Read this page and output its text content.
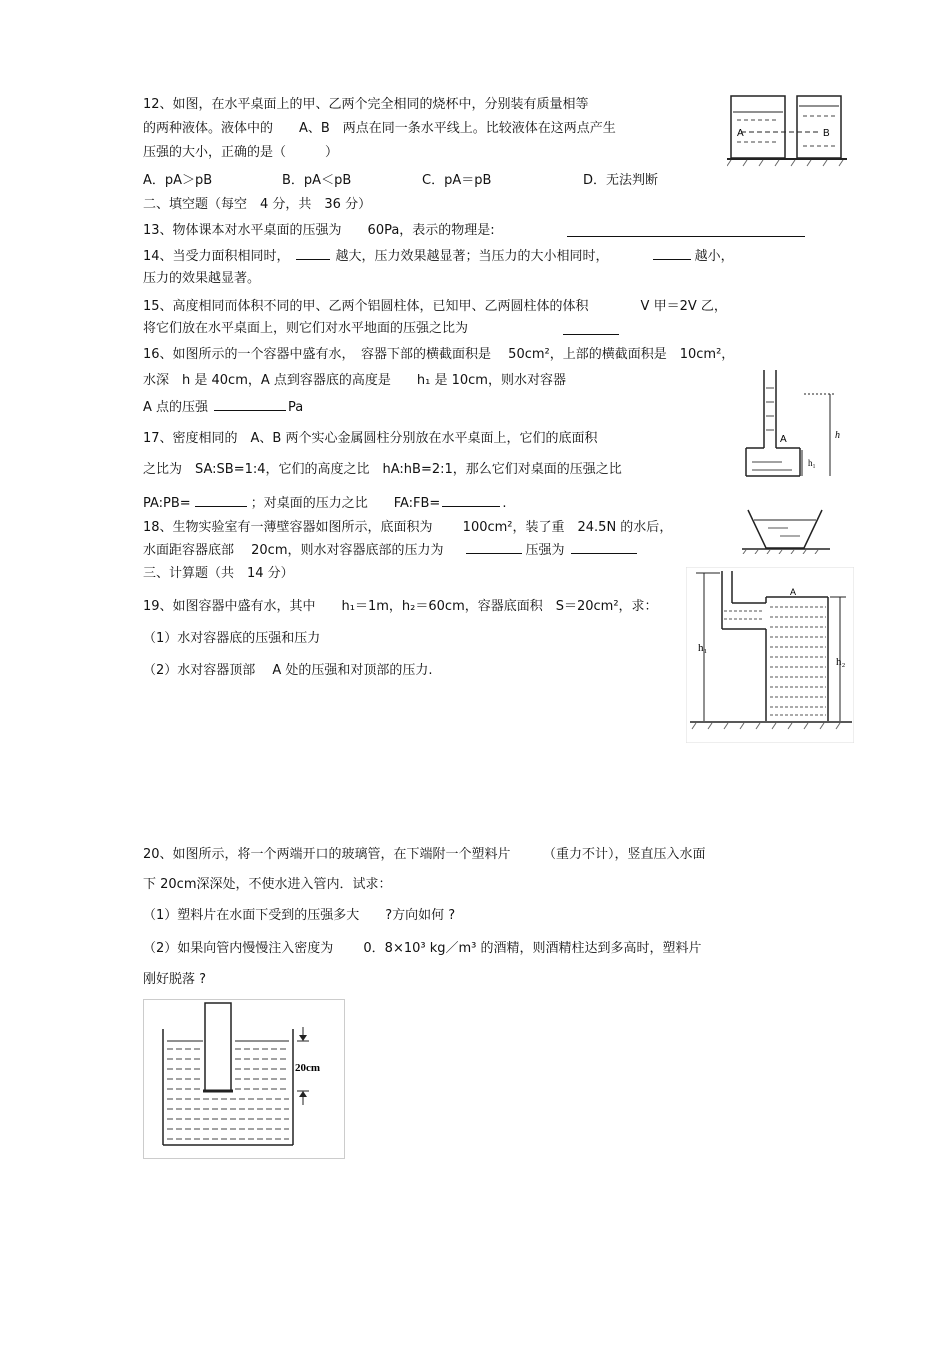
12、如图，在水平桌面上的甲、乙两个完全相同的烧杯中，分别装有质量相等
的两种液体。液体中的　　A、B　两点在同一条水平线上。比较液体在这两点产生
压强的大小，正确的是（　　　）
A．pA＞pB	B．pA＜pB	C．pA＝pB	D．无法判断
A	B
二、填空题（每空　4 分，共　36 分）
13、物体课本对水平桌面的压强为　　60Pa，表示的物理是:
14、当受力面积相同时，	越大，压力效果越显著；当压力的大小相同时，	越小，
压力的效果越显著。
15、高度相同而体积不同的甲、乙两个铝圆柱体，已知甲、乙两圆柱体的体积　　　　V 甲＝2V 乙，
将它们放在水平桌面上，则它们对水平地面的压强之比为
16、如图所示的一个容器中盛有水，　容器下部的横截面积是　 50cm²，上部的横截面积是　10cm²，
水深　h 是 40cm，A 点到容器底的高度是　　h₁ 是 10cm，则水对容器
A 点的压强	Pa
A	h
h₁
17、密度相同的　A、B 两个实心金属圆柱分别放在水平桌面上，它们的底面积
之比为　SA:SB=1:4，它们的高度之比　hA:hB=2:1，那么它们对桌面的压强之比
PA:PB=	；对桌面的压力之比　　FA:FB=	.
18、生物实验室有一薄壁容器如图所示，底面积为　　 100cm²，装了重　24.5N 的水后，
水面距容器底部　 20cm，则水对容器底部的压力为	压强为
三、计算题（共　14 分）
19、如图容器中盛有水，其中　　h₁＝1m，h₂＝60cm，容器底面积　S＝20cm²，求：
（1）水对容器底的压强和压力
（2）水对容器顶部　 A 处的压强和对顶部的压力.
A
h₁
h₂
20、如图所示，将一个两端开口的玻璃管，在下端附一个塑料片　　　（重力不计），竖直压入水面
下 20cm深深处，不使水进入管内．试求：
（1）塑料片在水面下受到的压强多大　　?方向如何 ?
（2）如果向管内慢慢注入密度为　　 0．8×10³ kg／m³ 的酒精，则酒精柱达到多高时，塑料片
刚好脱落 ?
20cm
